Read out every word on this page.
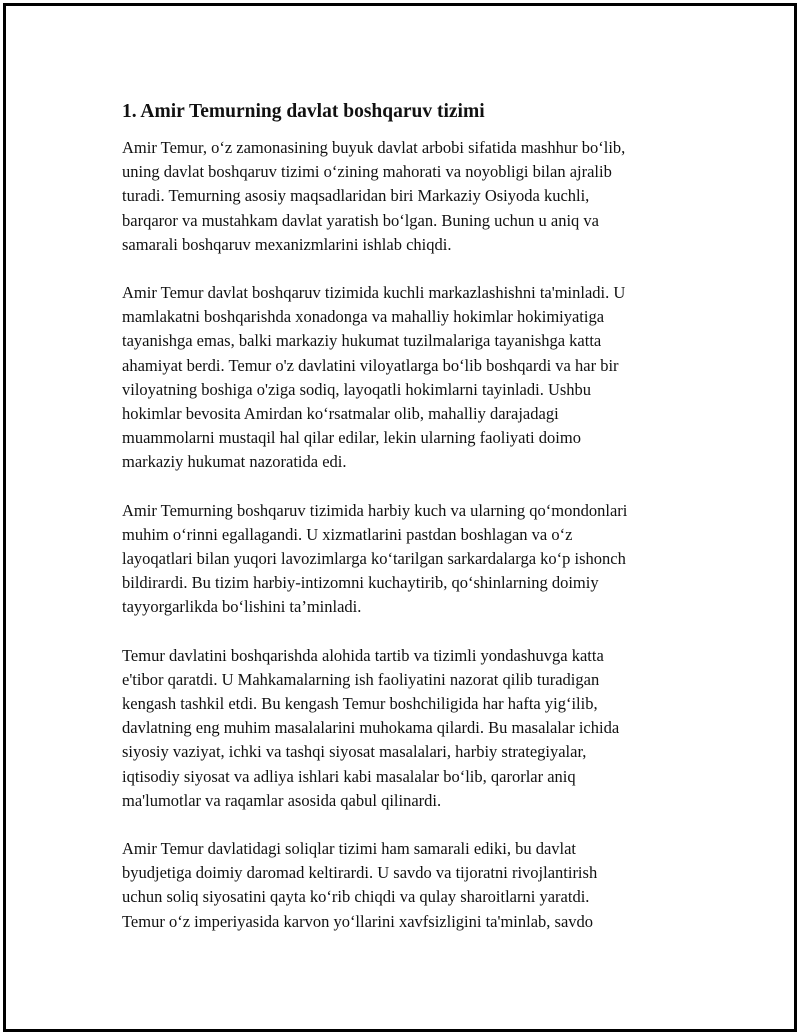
1. Amir Temurning davlat boshqaruv tizimi

Amir Temur, o‘z zamonasining buyuk davlat arbobi sifatida mashhur bo‘lib,
uning davlat boshqaruv tizimi o‘zining mahorati va noyobligi bilan ajralib
turadi. Temurning asosiy maqsadlaridan biri Markaziy Osiyoda kuchli,
barqaror va mustahkam davlat yaratish bo‘lgan. Buning uchun u aniq va
samarali boshqaruv mexanizmlarini ishlab chiqdi.

Amir Temur davlat boshqaruv tizimida kuchli markazlashishni ta'minladi. U
mamlakatni boshqarishda xonadonga va mahalliy hokimlar hokimiyatiga
tayanishga emas, balki markaziy hukumat tuzilmalariga tayanishga katta
ahamiyat berdi. Temur o'z davlatini viloyatlarga bo‘lib boshqardi va har bir
viloyatning boshiga o'ziga sodiq, layoqatli hokimlarni tayinladi. Ushbu
hokimlar bevosita Amirdan ko‘rsatmalar olib, mahalliy darajadagi
muammolarni mustaqil hal qilar edilar, lekin ularning faoliyati doimo
markaziy hukumat nazoratida edi.

Amir Temurning boshqaruv tizimida harbiy kuch va ularning qo‘mondonlari
muhim o‘rinni egallagandi. U xizmatlarini pastdan boshlagan va o‘z
layoqatlari bilan yuqori lavozimlarga ko‘tarilgan sarkardalarga ko‘p ishonch
bildirardi. Bu tizim harbiy-intizomni kuchaytirib, qo‘shinlarning doimiy
tayyorgarlikda bo‘lishini ta’minladi.

Temur davlatini boshqarishda alohida tartib va tizimli yondashuvga katta
e'tibor qaratdi. U Mahkamalarning ish faoliyatini nazorat qilib turadigan
kengash tashkil etdi. Bu kengash Temur boshchiligida har hafta yig‘ilib,
davlatning eng muhim masalalarini muhokama qilardi. Bu masalalar ichida
siyosiy vaziyat, ichki va tashqi siyosat masalalari, harbiy strategiyalar,
iqtisodiy siyosat va adliya ishlari kabi masalalar bo‘lib, qarorlar aniq
ma'lumotlar va raqamlar asosida qabul qilinardi.

Amir Temur davlatidagi soliqlar tizimi ham samarali ediki, bu davlat
byudjetiga doimiy daromad keltirardi. U savdo va tijoratni rivojlantirish
uchun soliq siyosatini qayta ko‘rib chiqdi va qulay sharoitlarni yaratdi.
Temur o‘z imperiyasida karvon yo‘llarini xavfsizligini ta'minlab, savdo
